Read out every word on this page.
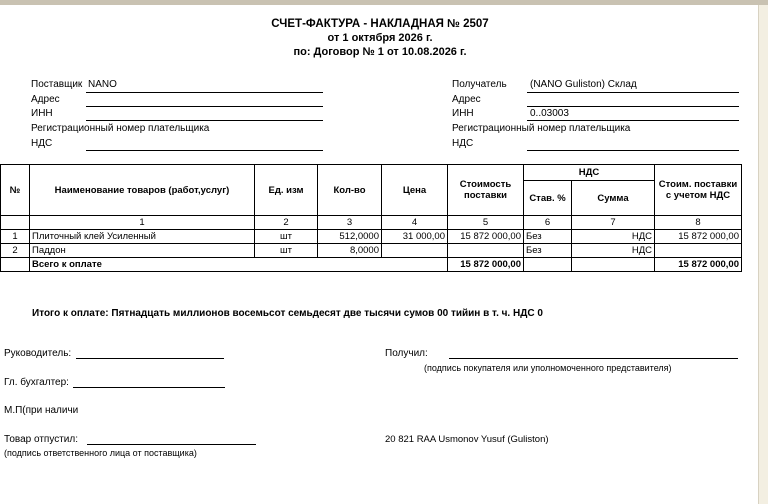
СЧЕТ-ФАКТУРА - НАКЛАДНАЯ № 2507
от 1 октября 2026 г.
по: Договор № 1 от 10.08.2026 г.
Поставщик NANO
Адрес
ИНН
Регистрационный номер плательщика
НДС
Получатель (NANO Guliston) Склад
Адрес
ИНН	0..03003
Регистрационный номер плательщика
НДС
№	Наименование товаров (работ,услуг)	Ед. изм	Кол-во	Цена	Стоимость поставки	НДС		Стоим. поставки с учетом НДС
						Став. %	Сумма	
	1	2	3	4	5	6	7	8
1	Плиточный клей Усиленный	шт	512,0000	31 000,00	15 872 000,00	Без	НДС	15 872 000,00
2	Паддон	шт	8,0000			Без	НДС	
	Всего к оплате				15 872 000,00			15 872 000,00
Итого к оплате: Пятнадцать миллионов восемьсот семьдесят две тысячи сумов 00 тийин в т. ч. НДС 0
Руководитель:	Получил:
(подпись покупателя или уполномоченного представителя)
Гл. бухгалтер:
М.П(при наличи
Товар отпустил:
(подпись ответственного лица от поставщика)
20 821 RAA Usmonov Yusuf (Guliston)
